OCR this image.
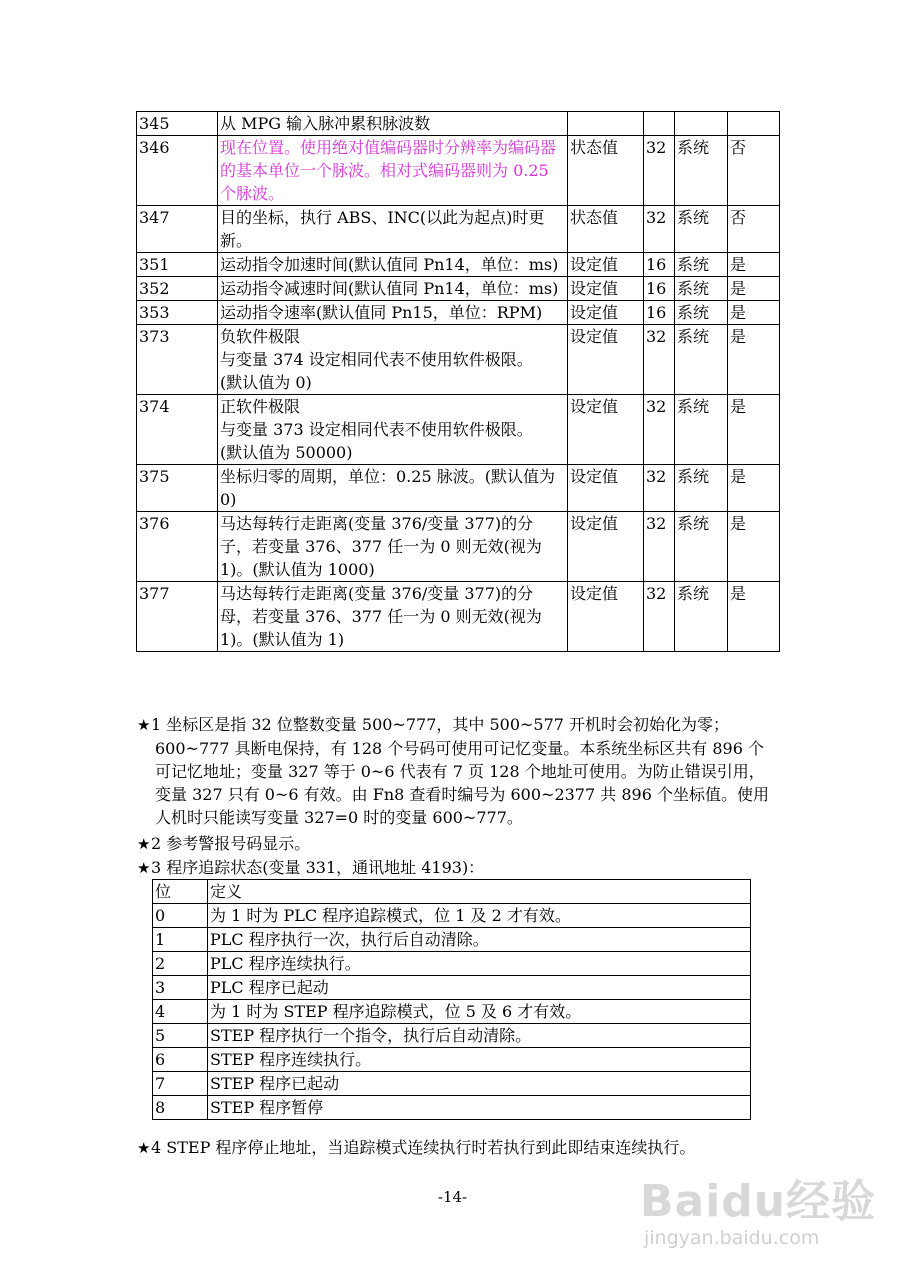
345	从 MPG 输入脉冲累积脉波数				
346	现在位置。使用绝对值编码器时分辨率为编码器的基本单位一个脉波。相对式编码器则为 0.25 个脉波。	状态值	32	系统	否
347	目的坐标，执行 ABS、INC(以此为起点)时更新。	状态值	32	系统	否
351	运动指令加速时间(默认值同 Pn14，单位：ms)	设定值	16	系统	是
352	运动指令减速时间(默认值同 Pn14，单位：ms)	设定值	16	系统	是
353	运动指令速率(默认值同 Pn15，单位：RPM)	设定值	16	系统	是
373	负软件极限
与变量 374 设定相同代表不使用软件极限。
(默认值为 0)	设定值	32	系统	是
374	正软件极限
与变量 373 设定相同代表不使用软件极限。
(默认值为 50000)	设定值	32	系统	是
375	坐标归零的周期，单位：0.25 脉波。(默认值为 0)	设定值	32	系统	是
376	马达每转行走距离(变量 376/变量 377)的分子，若变量 376、377 任一为 0 则无效(视为 1)。(默认值为 1000)	设定值	32	系统	是
377	马达每转行走距离(变量 376/变量 377)的分母，若变量 376、377 任一为 0 则无效(视为 1)。(默认值为 1)	设定值	32	系统	是
★1 坐标区是指 32 位整数变量 500~777，其中 500~577 开机时会初始化为零；
600~777 具断电保持，有 128 个号码可使用可记忆变量。本系统坐标区共有 896 个可记忆地址；变量 327 等于 0~6 代表有 7 页 128 个地址可使用。为防止错误引用，变量 327 只有 0~6 有效。由 Fn8 查看时编号为 600~2377 共 896 个坐标值。使用人机时只能读写变量 327=0 时的变量 600~777。
★2 参考警报号码显示。
★3 程序追踪状态(变量 331，通讯地址 4193)：
位	定义
0	为 1 时为 PLC 程序追踪模式，位 1 及 2 才有效。
1	PLC 程序执行一次，执行后自动清除。
2	PLC 程序连续执行。
3	PLC 程序已起动
4	为 1 时为 STEP 程序追踪模式，位 5 及 6 才有效。
5	STEP 程序执行一个指令，执行后自动清除。
6	STEP 程序连续执行。
7	STEP 程序已起动
8	STEP 程序暂停
★4 STEP 程序停止地址，当追踪模式连续执行时若执行到此即结束连续执行。
-14-	Baidu经验
jingyan.baidu.com
